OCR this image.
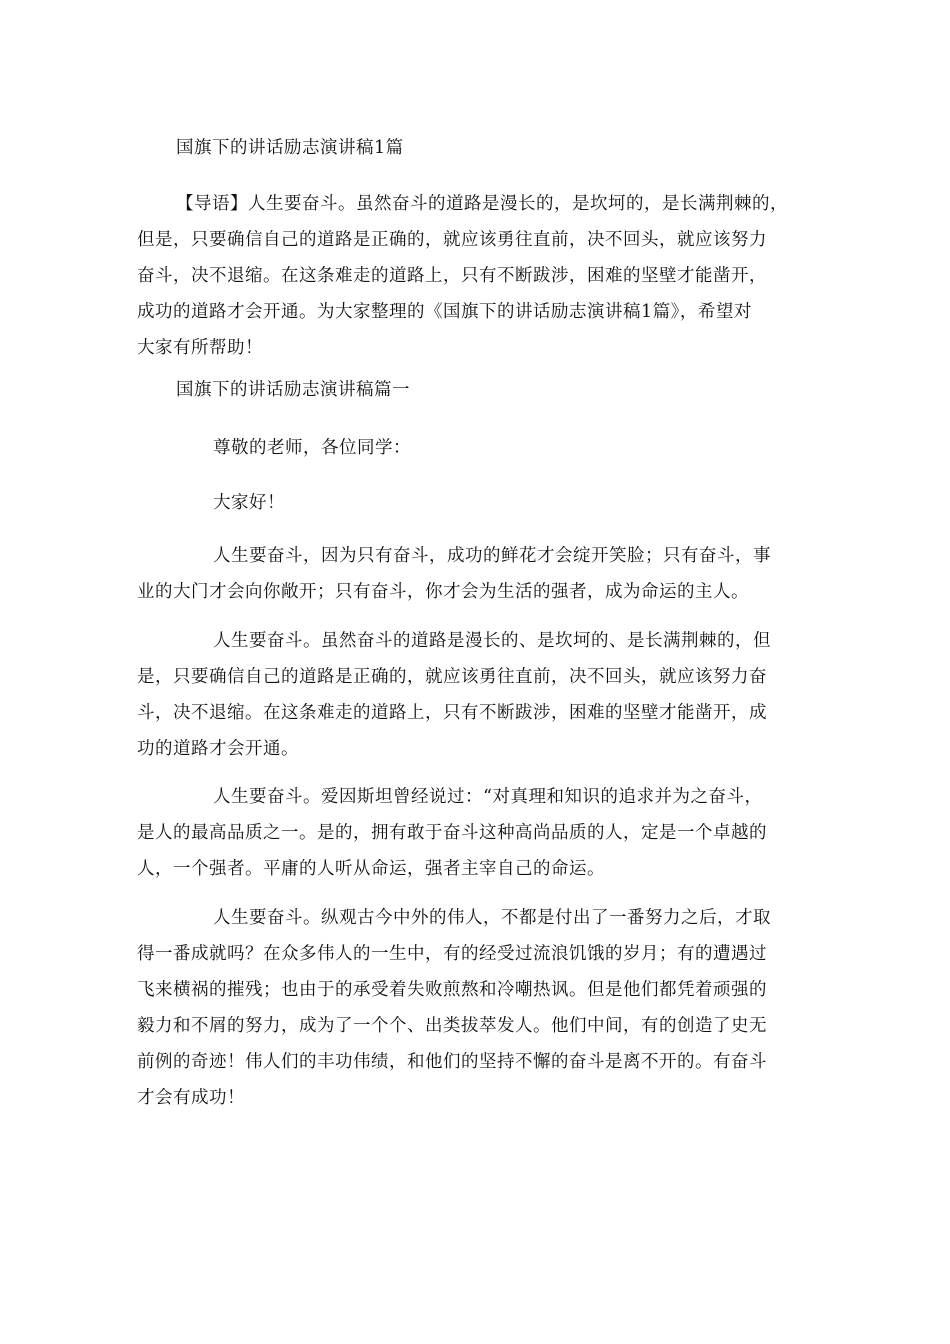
国旗下的讲话励志演讲稿1篇

【导语】人生要奋斗。虽然奋斗的道路是漫长的，是坎坷的，是长满荆棘的，
但是，只要确信自己的道路是正确的，就应该勇往直前，决不回头，就应该努力
奋斗，决不退缩。在这条难走的道路上，只有不断跋涉，困难的坚壁才能凿开，
成功的道路才会开通。为大家整理的《国旗下的讲话励志演讲稿1篇》，希望对
大家有所帮助！

国旗下的讲话励志演讲稿篇一

尊敬的老师，各位同学：

大家好！

人生要奋斗，因为只有奋斗，成功的鲜花才会绽开笑脸；只有奋斗，事
业的大门才会向你敞开；只有奋斗，你才会为生活的强者，成为命运的主人。
人生要奋斗。虽然奋斗的道路是漫长的、是坎坷的、是长满荆棘的，但
是，只要确信自己的道路是正确的，就应该勇往直前，决不回头，就应该努力奋
斗，决不退缩。在这条难走的道路上，只有不断跋涉，困难的坚壁才能凿开，成
功的道路才会开通。
人生要奋斗。爱因斯坦曾经说过：“对真理和知识的追求并为之奋斗，
是人的最高品质之一。是的，拥有敢于奋斗这种高尚品质的人，定是一个卓越的
人，一个强者。平庸的人听从命运，强者主宰自己的命运。
人生要奋斗。纵观古今中外的伟人，不都是付出了一番努力之后，才取
得一番成就吗？在众多伟人的一生中，有的经受过流浪饥饿的岁月；有的遭遇过
飞来横祸的摧残；也由于的承受着失败煎熬和冷嘲热讽。但是他们都凭着顽强的
毅力和不屑的努力，成为了一个个、出类拔萃发人。他们中间，有的创造了史无
前例的奇迹！伟人们的丰功伟绩，和他们的坚持不懈的奋斗是离不开的。有奋斗
才会有成功！
